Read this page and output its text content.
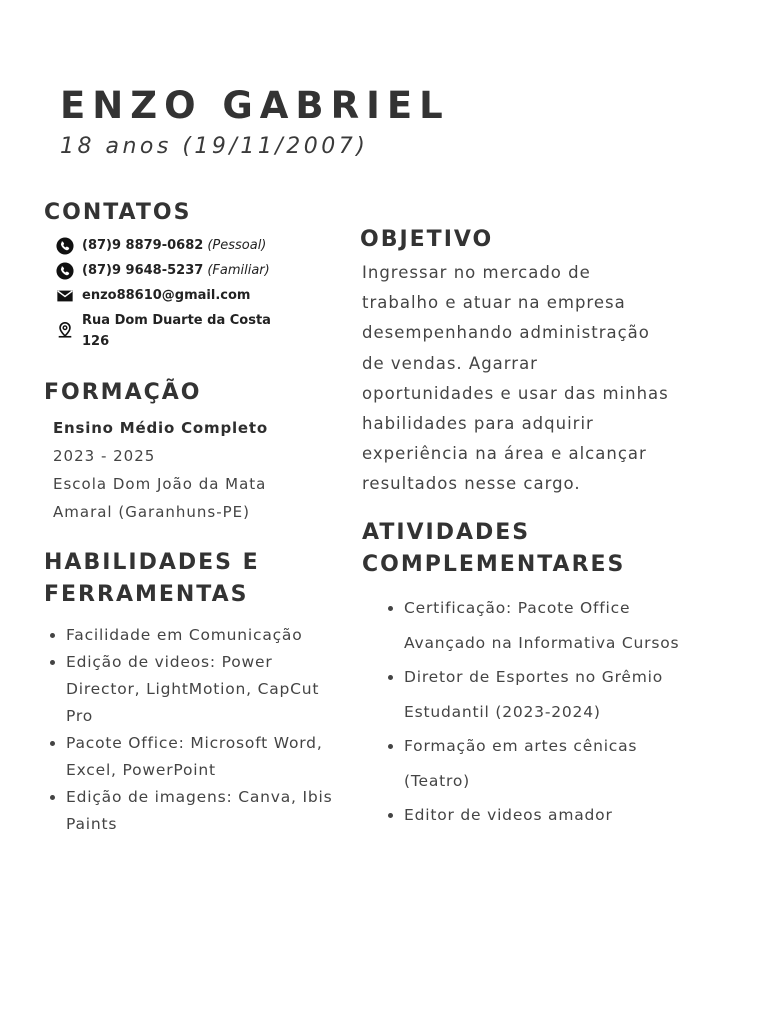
ENZO GABRIEL
18 anos (19/11/2007)
CONTATOS
(87)9 8879-0682 (Pessoal)
(87)9 9648-5237 (Familiar)
enzo88610@gmail.com
Rua Dom Duarte da Costa
126
FORMAÇÃO
Ensino Médio Completo
2023 - 2025
Escola Dom João da Mata
Amaral (Garanhuns-PE)
HABILIDADES E
FERRAMENTAS
• Facilidade em Comunicação
• Edição de videos: Power
Director, LightMotion, CapCut
Pro
• Pacote Office: Microsoft Word,
Excel, PowerPoint
• Edição de imagens: Canva, Ibis
Paints
OBJETIVO
Ingressar no mercado de
trabalho e atuar na empresa
desempenhando administração
de vendas. Agarrar
oportunidades e usar das minhas
habilidades para adquirir
experiência na área e alcançar
resultados nesse cargo.
ATIVIDADES
COMPLEMENTARES
• Certificação: Pacote Office
Avançado na Informativa Cursos
• Diretor de Esportes no Grêmio
Estudantil (2023-2024)
• Formação em artes cênicas
(Teatro)
• Editor de videos amador
